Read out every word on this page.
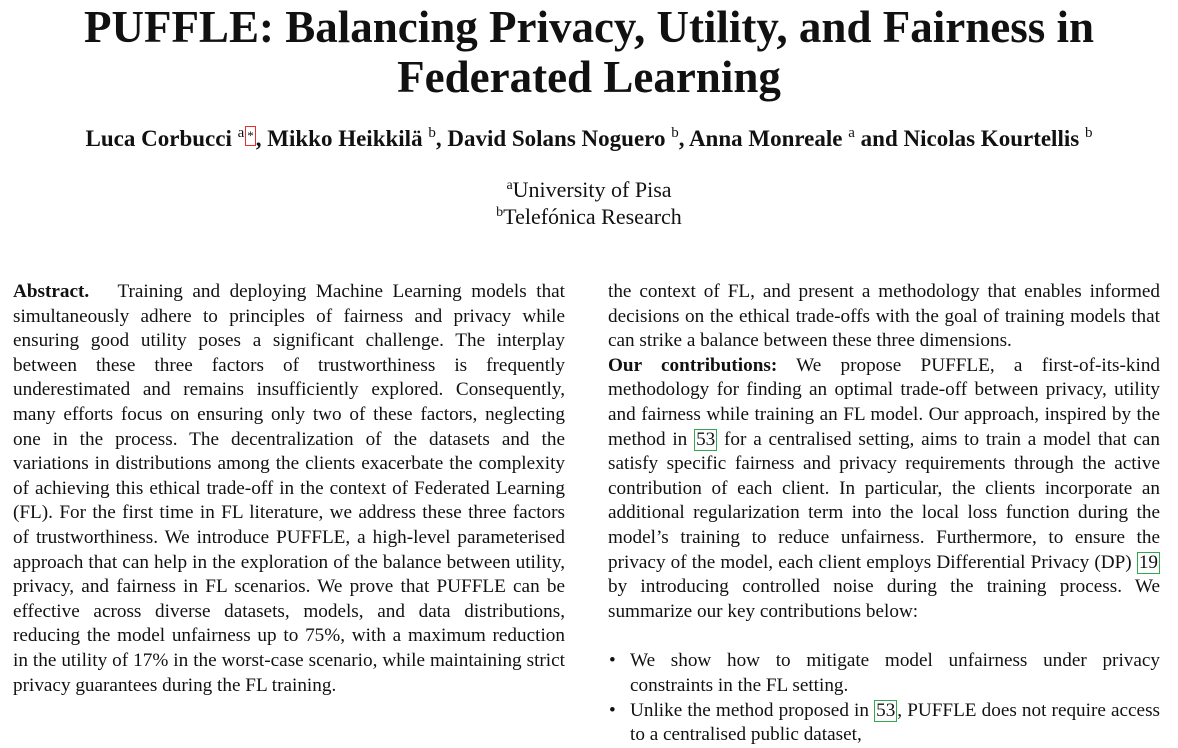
PUFFLE: Balancing Privacy, Utility, and Fairness in
Federated Learning
Luca Corbucci $^a$ *, Mikko Heikkilä $^b$, David Solans Noguero $^b$, Anna Monreale $^a$ and Nicolas Kourtellis $^b$
$^a$University of Pisa
$^b$Telefónica Research

Abstract. Training and deploying Machine Learning models that simultaneously adhere to principles of fairness and privacy while ensuring good utility poses a significant challenge. The interplay between these three factors of trustworthiness is frequently underestimated and remains insufficiently explored. Consequently, many efforts focus on ensuring only two of these factors, neglecting one in the process. The decentralization of the datasets and the variations in distributions among the clients exacerbate the complexity of achieving this ethical trade-off in the context of Federated Learning (FL). For the first time in FL literature, we address these three factors of trustworthiness. We introduce PUFFLE, a high-level parameterised approach that can help in the exploration of the balance between utility, privacy, and fairness in FL scenarios. We prove that PUFFLE can be effective across diverse datasets, models, and data distributions, reducing the model unfairness up to 75%, with a maximum reduction in the utility of 17% in the worst-case scenario, while maintaining strict privacy guarantees during the FL training.

the context of FL, and present a methodology that enables informed decisions on the ethical trade-offs with the goal of training models that can strike a balance between these three dimensions.

Our contributions: We propose PUFFLE, a first-of-its-kind methodology for finding an optimal trade-off between privacy, utility and fairness while training an FL model. Our approach, inspired by the method in 53 for a centralised setting, aims to train a model that can satisfy specific fairness and privacy requirements through the active contribution of each client. In particular, the clients incorporate an additional regularization term into the local loss function during the model’s training to reduce unfairness. Furthermore, to ensure the privacy of the model, each client employs Differential Privacy (DP) 19 by introducing controlled noise during the training process. We summarize our key contributions below:

• We show how to mitigate model unfairness under privacy constraints in the FL setting.
• Unlike the method proposed in 53 , PUFFLE does not require access to a centralised public dataset,
